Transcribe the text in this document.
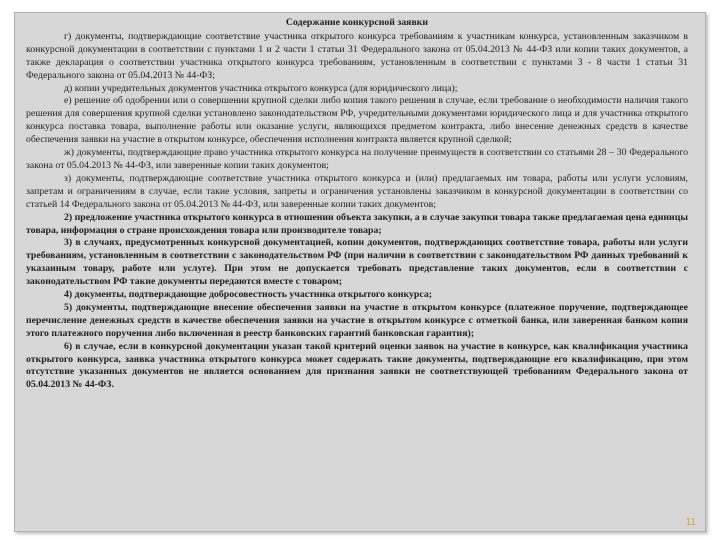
Содержание конкурсной заявки

г) документы, подтверждающие соответствие участника открытого конкурса требованиям к участникам конкурса, установленным заказчиком в конкурсной документации в соответствии с пунктами 1 и 2 части 1 статьи 31 Федерального закона от 05.04.2013 № 44-ФЗ или копии таких документов, а также декларация о соответствии участника открытого конкурса требованиям, установленным в соответствии с пунктами 3 - 8 части 1 статьи 31 Федерального закона от 05.04.2013 № 44-ФЗ;

д) копии учредительных документов участника открытого конкурса (для юридического лица);

е) решение об одобрении или о совершении крупной сделки либо копия такого решения в случае, если требование о необходимости наличия такого решения для совершения крупной сделки установлено законодательством РФ, учредительными документами юридического лица и для участника открытого конкурса поставка товара, выполнение работы или оказание услуги, являющихся предметом контракта, либо внесение денежных средств в качестве обеспечения заявки на участие в открытом конкурсе, обеспечения исполнения контракта является крупной сделкой;

ж) документы, подтверждающие право участника открытого конкурса на получение преимуществ в соответствии со статьями 28 – 30 Федерального закона от 05.04.2013 № 44-ФЗ, или заверенные копии таких документов;

з) документы, подтверждающие соответствие участника открытого конкурса и (или) предлагаемых им товара, работы или услуги условиям, запретам и ограничениям в случае, если такие условия, запреты и ограничения установлены заказчиком в конкурсной документации в соответствии со статьей 14 Федерального закона от 05.04.2013 № 44-ФЗ, или заверенные копии таких документов;

2) предложение участника открытого конкурса в отношении объекта закупки, а в случае закупки товара также предлагаемая цена единицы товара, информация о стране происхождения товара или производителе товара;

3) в случаях, предусмотренных конкурсной документацией, копии документов, подтверждающих соответствие товара, работы или услуги требованиям, установленным в соответствии с законодательством РФ (при наличии в соответствии с законодательством РФ данных требований к указанным товару, работе или услуге). При этом не допускается требовать представление таких документов, если в соответствии с законодательством РФ такие документы передаются вместе с товаром;

4) документы, подтверждающие добросовестность участника открытого конкурса;

5) документы, подтверждающие внесение обеспечения заявки на участие в открытом конкурсе (платежное поручение, подтверждающее перечисление денежных средств в качестве обеспечения заявки на участие в открытом конкурсе с отметкой банка, или заверенная банком копия этого платежного поручения либо включенная в реестр банковских гарантий банковская гарантия);

6) в случае, если в конкурсной документации указан такой критерий оценки заявок на участие в конкурсе, как квалификация участника открытого конкурса, заявка участника открытого конкурса может содержать такие документы, подтверждающие его квалификацию, при этом отсутствие указанных документов не является основанием для признания заявки не соответствующей требованиям Федерального закона от 05.04.2013 № 44-ФЗ.

11
